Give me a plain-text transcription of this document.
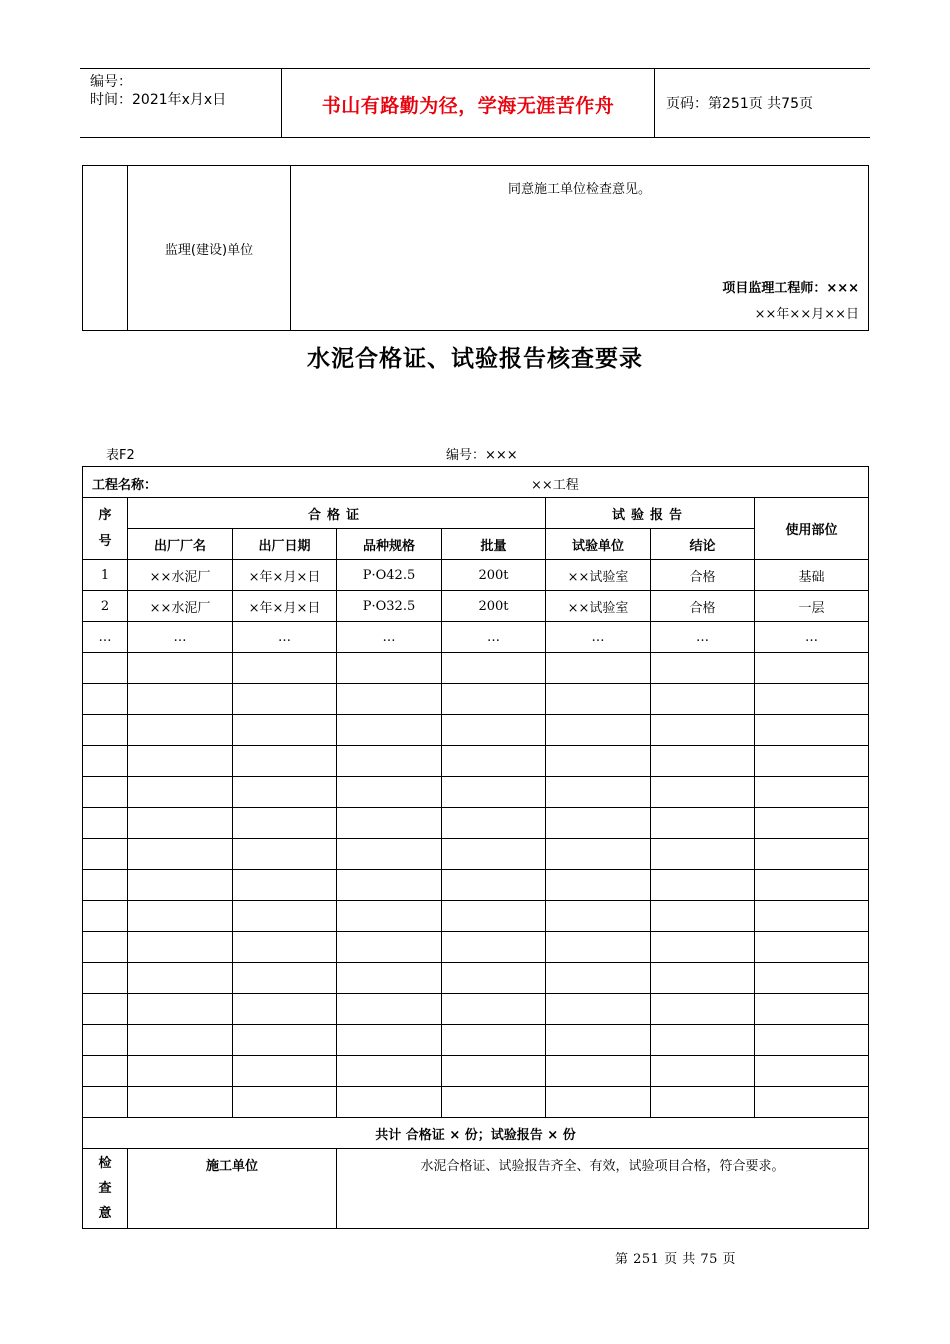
编号：
时间：2021年x月x日	书山有路勤为径，学海无涯苦作舟	页码：第251页 共75页
	监理(建设)单位	
同意施工单位检查意见。
项目监理工程师：×××
××年××月××日
水泥合格证、试验报告核查要录
表F2	编号：×××
工程名称： ××工程							

序
号	合格证				试验报告		使用部位
	出厂厂名	出厂日期	品种规格	批量	试验单位	结论	
1	××水泥厂	×年×月×日	P·O42.5	200t	××试验室	合格	基础
2	××水泥厂	×年×月×日	P·O32.5	200t	××试验室	合格	一层
…	…	…	…	…	…	…	…

共计 合格证 × 份；试验报告 × 份							
检
查
意	施工单位		水泥合格证、试验报告齐全、有效，试验项目合格，符合要求。				
第 251 页 共 75 页
